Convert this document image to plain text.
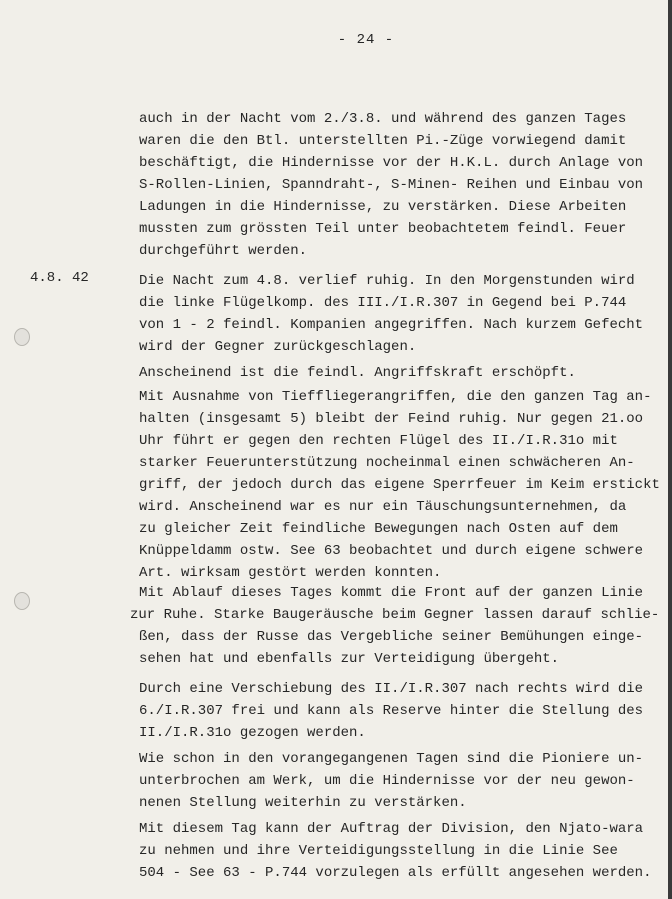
- 24 -
4.8. 42
auch in der Nacht vom 2./3.8. und während des ganzen Tages
waren die den Btl. unterstellten Pi.-Züge vorwiegend damit
beschäftigt, die Hindernisse vor der H.K.L. durch Anlage von
S-Rollen-Linien, Spanndraht-, S-Minen- Reihen und Einbau von
Ladungen in die Hindernisse, zu verstärken. Diese Arbeiten
mussten zum grössten Teil unter beobachtetem feindl. Feuer
durchgeführt werden.
Die Nacht zum 4.8. verlief ruhig. In den Morgenstunden wird
die linke Flügelkomp. des III./I.R.307 in Gegend bei P.744
von 1 - 2 feindl. Kompanien angegriffen. Nach kurzem Gefecht
wird der Gegner zurückgeschlagen.
Anscheinend ist die feindl. Angriffskraft erschöpft.
Mit Ausnahme von Tieffliegerangriffen, die den ganzen Tag an-
halten (insgesamt 5) bleibt der Feind ruhig. Nur gegen 21.oo
Uhr führt er gegen den rechten Flügel des II./I.R.31o mit
starker Feuerunterstützung nocheinmal einen schwächeren An-
griff, der jedoch durch das eigene Sperrfeuer im Keim erstickt
wird. Anscheinend war es nur ein Täuschungsunternehmen, da
zu gleicher Zeit feindliche Bewegungen nach Osten auf dem
Knüppeldamm ostw. See 63 beobachtet und durch eigene schwere
Art. wirksam gestört werden konnten.
Mit Ablauf dieses Tages kommt die Front auf der ganzen Linie
zur Ruhe. Starke Baugeräusche beim Gegner lassen darauf schlie-
ßen, dass der Russe das Vergebliche seiner Bemühungen einge-
sehen hat und ebenfalls zur Verteidigung übergeht.
Durch eine Verschiebung des II./I.R.307 nach rechts wird die
6./I.R.307 frei und kann als Reserve hinter die Stellung des
II./I.R.31o gezogen werden.
Wie schon in den vorangegangenen Tagen sind die Pioniere un-
unterbrochen am Werk, um die Hindernisse vor der neu gewon-
nenen Stellung weiterhin zu verstärken.
Mit diesem Tag kann der Auftrag der Division, den Njato-wara
zu nehmen und ihre Verteidigungsstellung in die Linie See
504 - See 63 - P.744 vorzulegen als erfüllt angesehen werden.
